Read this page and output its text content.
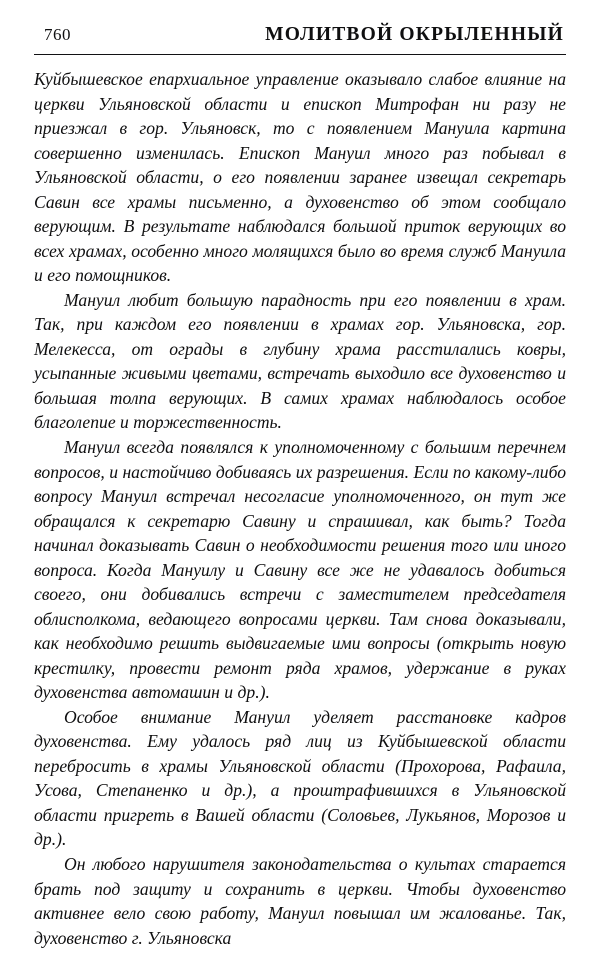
760	МОЛИТВОЙ ОКРЫЛЕННЫЙ

Куйбышевское епархиальное управление оказывало слабое влияние на церкви Ульяновской области и епископ Митрофан ни разу не приезжал в гор. Ульяновск, то с появлением Мануила картина совершенно изменилась. Епископ Мануил много раз побывал в Ульяновской области, о его появлении заранее извещал секретарь Савин все храмы письменно, а духовенство об этом сообщало верующим. В результате наблюдался большой приток верующих во всех храмах, особенно много молящихся было во время служб Мануила и его помощников.

Мануил любит большую парадность при его появлении в храм. Так, при каждом его появлении в храмах гор. Ульяновска, гор. Мелекесса, от ограды в глубину храма расстилались ковры, усыпанные живыми цветами, встречать выходило все духовенство и большая толпа верующих. В самих храмах наблюдалось особое благолепие и торжественность.

Мануил всегда появлялся к уполномоченному с большим перечнем вопросов, и настойчиво добиваясь их разрешения. Если по какому-либо вопросу Мануил встречал несогласие уполномоченного, он тут же обращался к секретарю Савину и спрашивал, как быть? Тогда начинал доказывать Савин о необходимости решения того или иного вопроса. Когда Мануилу и Савину все же не удавалось добиться своего, они добивались встречи с заместителем председателя облисполкома, ведающего вопросами церкви. Там снова доказывали, как необходимо решить выдвигаемые ими вопросы (открыть новую крестилку, провести ремонт ряда храмов, удержание в руках духовенства автомашин и др.).

Особое внимание Мануил уделяет расстановке кадров духовенства. Ему удалось ряд лиц из Куйбышевской области перебросить в храмы Ульяновской области (Прохорова, Рафаила, Усова, Степаненко и др.), а проштрафившихся в Ульяновской области пригреть в Вашей области (Соловьев, Лукьянов, Морозов и др.).

Он любого нарушителя законодательства о культах старается брать под защиту и сохранить в церкви. Чтобы духовенство активнее вело свою работу, Мануил повышал им жалованье. Так, духовенство г. Ульяновска
